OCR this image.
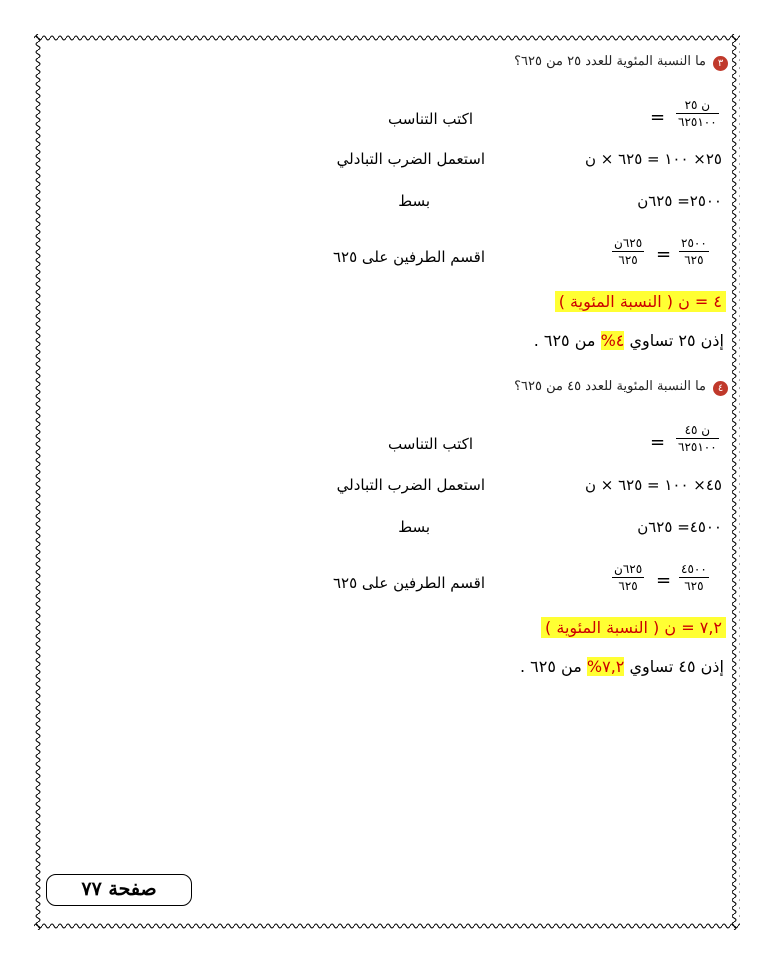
٣
ما النسبة المئوية للعدد ٢٥ من ٦٢٥؟
ن ٢٥
٦٢٥١٠٠
=
اكتب التناسب
٢٥× ١٠٠ = ٦٢٥ × ن
استعمل الضرب التبادلي
٢٥٠٠= ٦٢٥ن
بسط
٢٥٠٠
٦٢٥
=
٦٢٥ن
٦٢٥
اقسم الطرفين على ٦٢٥
٤ = ن ( النسبة المئوية )
إذن ٢٥ تساوي ٤% من ٦٢٥ .
٤
ما النسبة المئوية للعدد ٤٥ من ٦٢٥؟
ن ٤٥
٦٢٥١٠٠
=
اكتب التناسب
٤٥× ١٠٠ = ٦٢٥ × ن
استعمل الضرب التبادلي
٤٥٠٠= ٦٢٥ن
بسط
٤٥٠٠
٦٢٥
=
٦٢٥ن
٦٢٥
اقسم الطرفين على ٦٢٥
٧,٢ = ن ( النسبة المئوية )
إذن ٤٥ تساوي ٧,٢% من ٦٢٥ .
صفحة ٧٧
